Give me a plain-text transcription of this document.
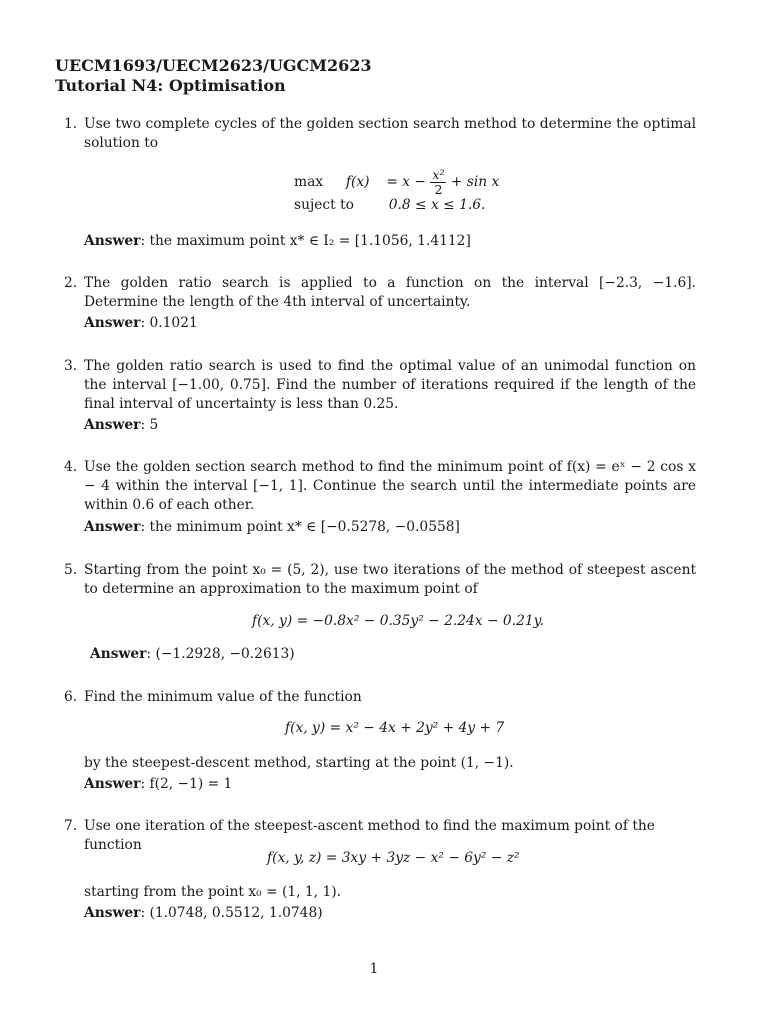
UECM1693/UECM2623/UGCM2623
Tutorial N4: Optimisation
1. Use two complete cycles of the golden section search method to determine the optimal solution to
$\max f(x) = x - \frac{\text{x²}}{2} + \sin x$
suject to	0.8 ≤ x ≤ 1.6.
Answer: the maximum point x* ∈ I₂ = [1.1056, 1.4112]
2. The golden ratio search is applied to a function on the interval [−2.3, −1.6]. Determine the length of the 4th interval of uncertainty.
Answer: 0.1021
3. The golden ratio search is used to find the optimal value of an unimodal function on the interval [−1.00, 0.75]. Find the number of iterations required if the length of the final interval of uncertainty is less than 0.25.
Answer: 5
4. Use the golden section search method to find the minimum point of f(x) = eˣ − 2 cos x − 4 within the interval [−1, 1]. Continue the search until the intermediate points are within 0.6 of each other.
Answer: the minimum point x* ∈ [−0.5278, −0.0558]
5. Starting from the point x₀ = (5, 2), use two iterations of the method of steepest ascent to determine an approximation to the maximum point of
f(x, y) = −0.8x² − 0.35y² − 2.24x − 0.21y.
Answer: (−1.2928, −0.2613)
6. Find the minimum value of the function
f(x, y) = x² − 4x + 2y² + 4y + 7
by the steepest-descent method, starting at the point (1, −1).
Answer: f(2, −1) = 1
7. Use one iteration of the steepest-ascent method to find the maximum point of the function
f(x, y, z) = 3xy + 3yz − x² − 6y² − z²
starting from the point x₀ = (1, 1, 1).
Answer: (1.0748, 0.5512, 1.0748)
1
